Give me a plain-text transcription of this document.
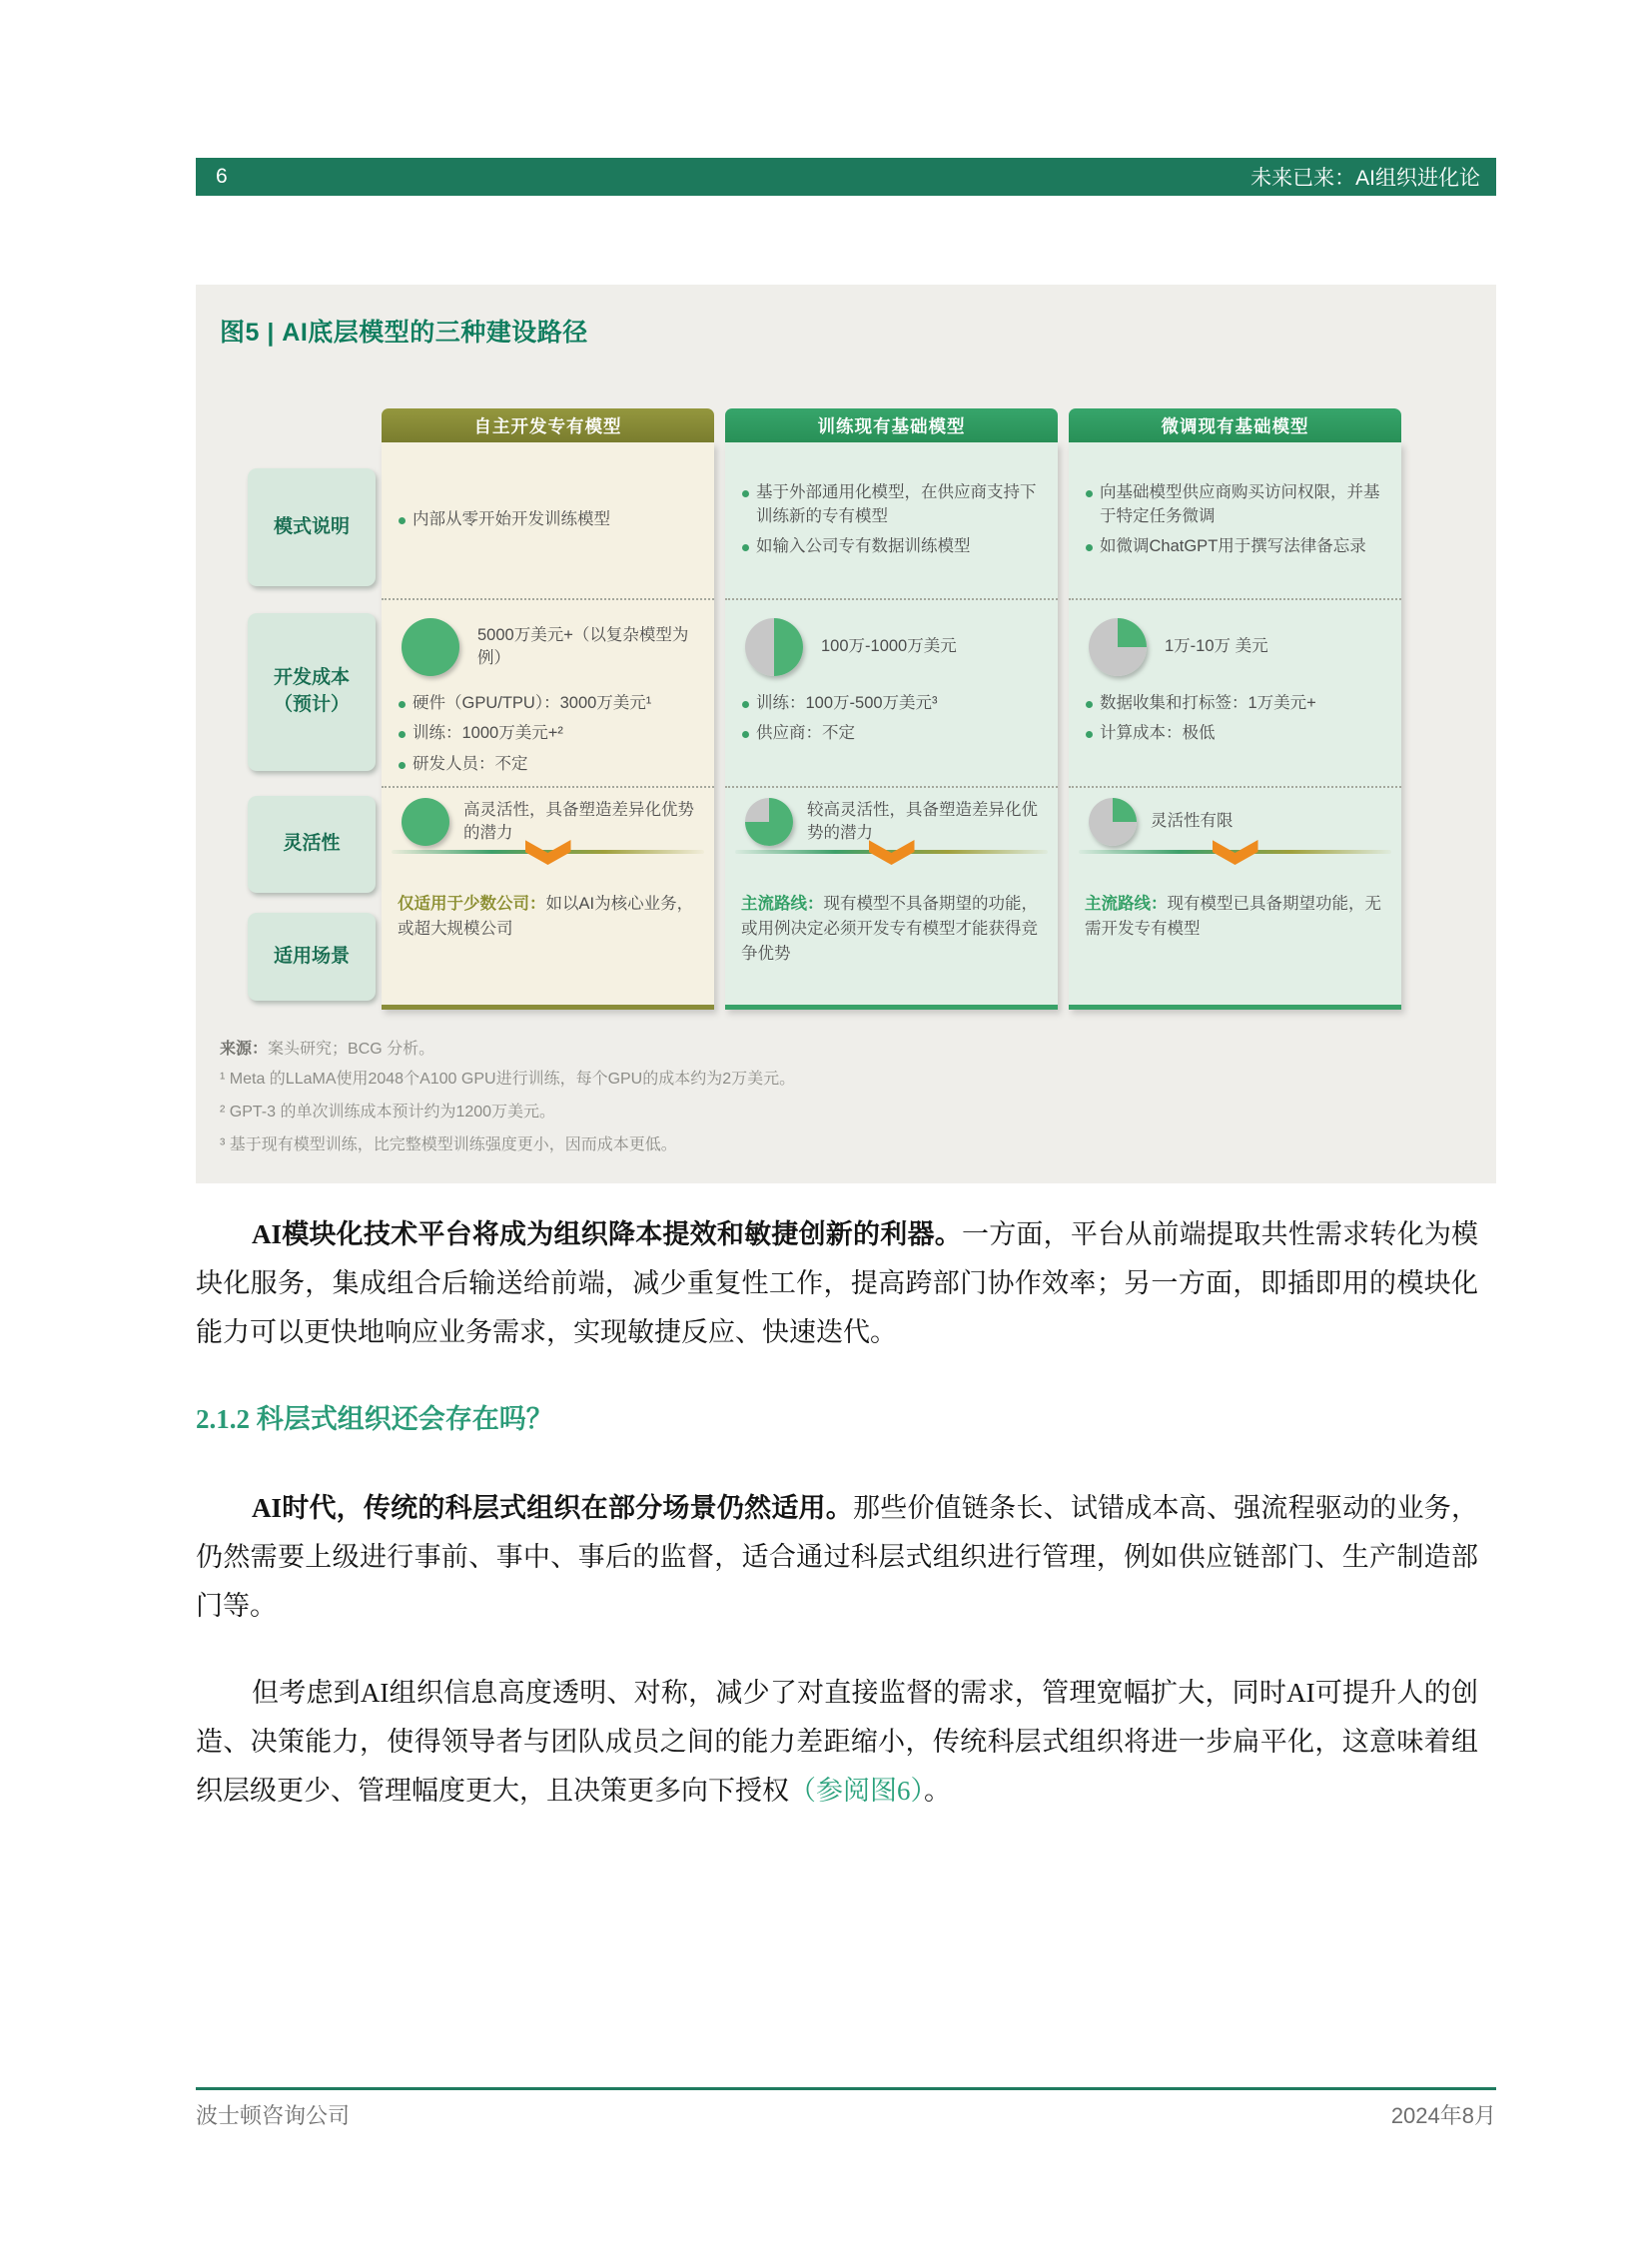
6	未来已来：AI组织进化论
图5 | AI底层模型的三种建设路径
模式说明
开发成本
（预计）
灵活性
适用场景
自主开发专有模型
内部从零开始开发训练模型
5000万美元+（以复杂模型为例）
硬件（GPU/TPU）：3000万美元¹
训练：1000万美元+²
研发人员：不定
高灵活性，具备塑造差异化优势的潜力
仅适用于少数公司：如以AI为核心业务，或超大规模公司
训练现有基础模型
基于外部通用化模型，在供应商支持下训练新的专有模型
如输入公司专有数据训练模型
100万-1000万美元
训练：100万-500万美元³
供应商：不定
较高灵活性，具备塑造差异化优势的潜力
主流路线：现有模型不具备期望的功能，或用例决定必须开发专有模型才能获得竞争优势
微调现有基础模型
向基础模型供应商购买访问权限，并基于特定任务微调
如微调ChatGPT用于撰写法律备忘录
1万-10万 美元
数据收集和打标签：1万美元+
计算成本：极低
灵活性有限
主流路线：现有模型已具备期望功能，无需开发专有模型
来源：案头研究；BCG 分析。
¹ Meta 的LLaMA使用2048个A100 GPU进行训练，每个GPU的成本约为2万美元。
² GPT-3 的单次训练成本预计约为1200万美元。
³ 基于现有模型训练，比完整模型训练强度更小，因而成本更低。

AI模块化技术平台将成为组织降本提效和敏捷创新的利器。一方面，平台从前端提取共性需求转化为模块化服务，集成组合后输送给前端，减少重复性工作，提高跨部门协作效率；另一方面，即插即用的模块化能力可以更快地响应业务需求，实现敏捷反应、快速迭代。

2.1.2 科层式组织还会存在吗？

AI时代，传统的科层式组织在部分场景仍然适用。那些价值链条长、试错成本高、强流程驱动的业务，仍然需要上级进行事前、事中、事后的监督，适合通过科层式组织进行管理，例如供应链部门、生产制造部门等。

但考虑到AI组织信息高度透明、对称，减少了对直接监督的需求，管理宽幅扩大，同时AI可提升人的创造、决策能力，使得领导者与团队成员之间的能力差距缩小，传统科层式组织将进一步扁平化，这意味着组织层级更少、管理幅度更大，且决策更多向下授权（参阅图6）。

波士顿咨询公司	2024年8月
